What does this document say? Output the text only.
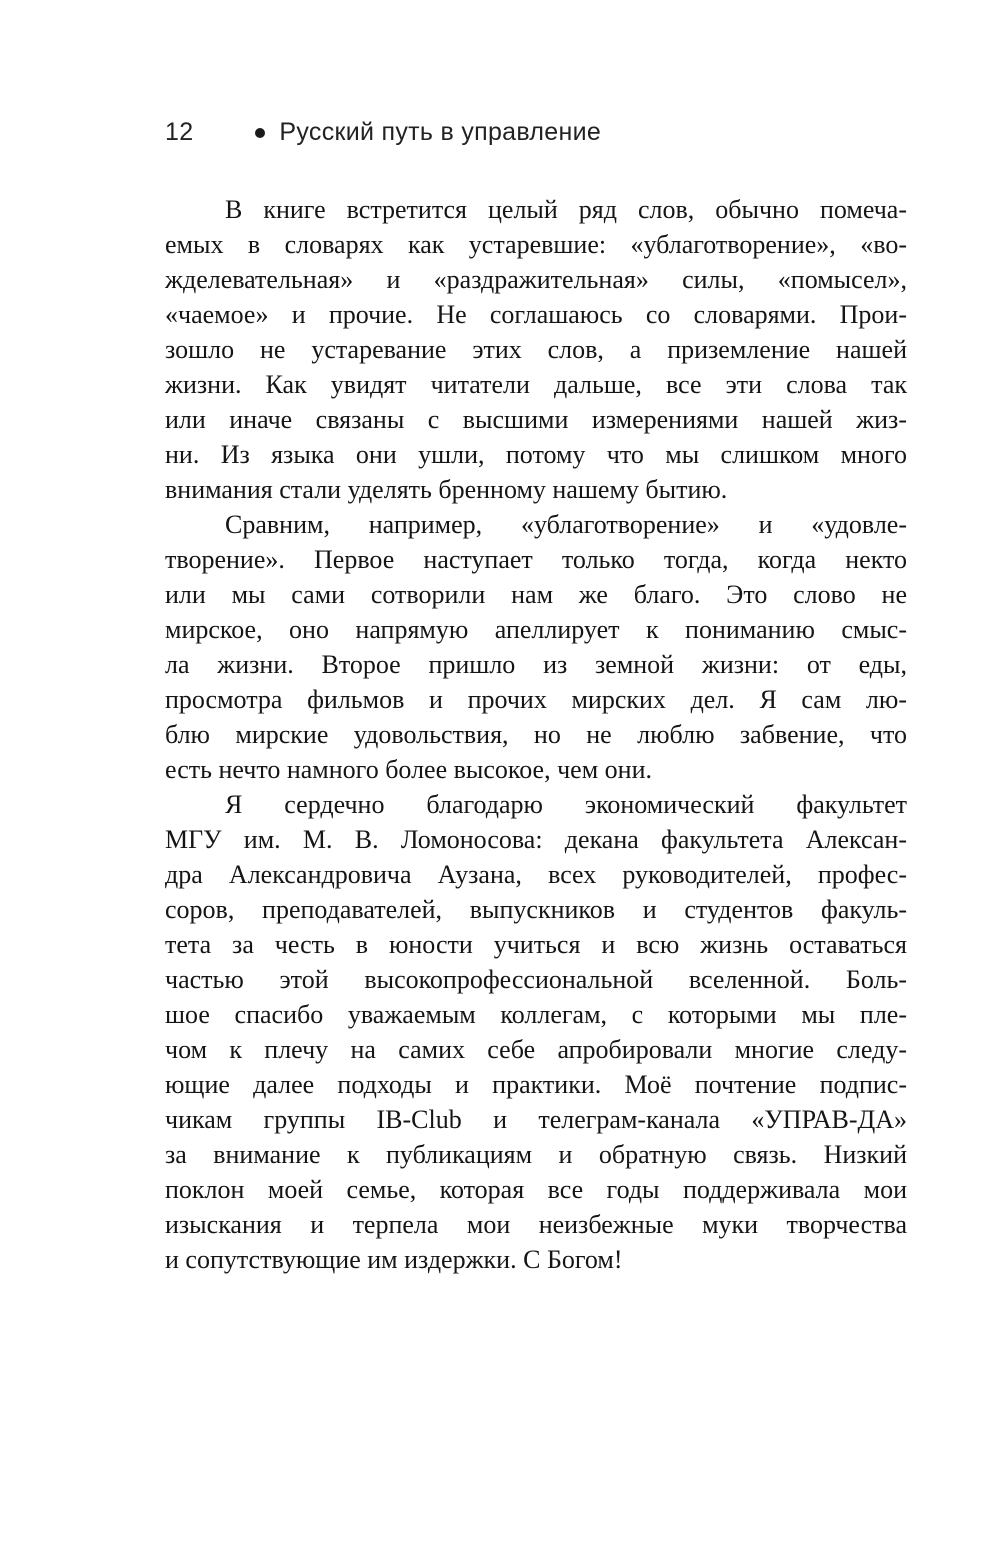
12	Русский путь в управление
В книге встретится целый ряд слов, обычно помеча-
емых в словарях как устаревшие: «ублаготворение», «во-
жделевательная» и «раздражительная» силы, «помысел»,
«чаемое» и прочие. Не соглашаюсь со словарями. Прои-
зошло не устаревание этих слов, а приземление нашей
жизни. Как увидят читатели дальше, все эти слова так
или иначе связаны с высшими измерениями нашей жиз-
ни. Из языка они ушли, потому что мы слишком много
внимания стали уделять бренному нашему бытию.
Сравним, например, «ублаготворение» и «удовле-
творение». Первое наступает только тогда, когда некто
или мы сами сотворили нам же благо. Это слово не
мирское, оно напрямую апеллирует к пониманию смыс-
ла жизни. Второе пришло из земной жизни: от еды,
просмотра фильмов и прочих мирских дел. Я сам лю-
блю мирские удовольствия, но не люблю забвение, что
есть нечто намного более высокое, чем они.
Я сердечно благодарю экономический факультет
МГУ им. М. В. Ломоносова: декана факультета Алексан-
дра Александровича Аузана, всех руководителей, профес-
соров, преподавателей, выпускников и студентов факуль-
тета за честь в юности учиться и всю жизнь оставаться
частью этой высокопрофессиональной вселенной. Боль-
шое спасибо уважаемым коллегам, с которыми мы пле-
чом к плечу на самих себе апробировали многие следу-
ющие далее подходы и практики. Моё почтение подпис-
чикам группы IB-Club и телеграм-канала «УПРАВ-ДА»
за внимание к публикациям и обратную связь. Низкий
поклон моей семье, которая все годы поддерживала мои
изыскания и терпела мои неизбежные муки творчества
и сопутствующие им издержки. С Богом!
